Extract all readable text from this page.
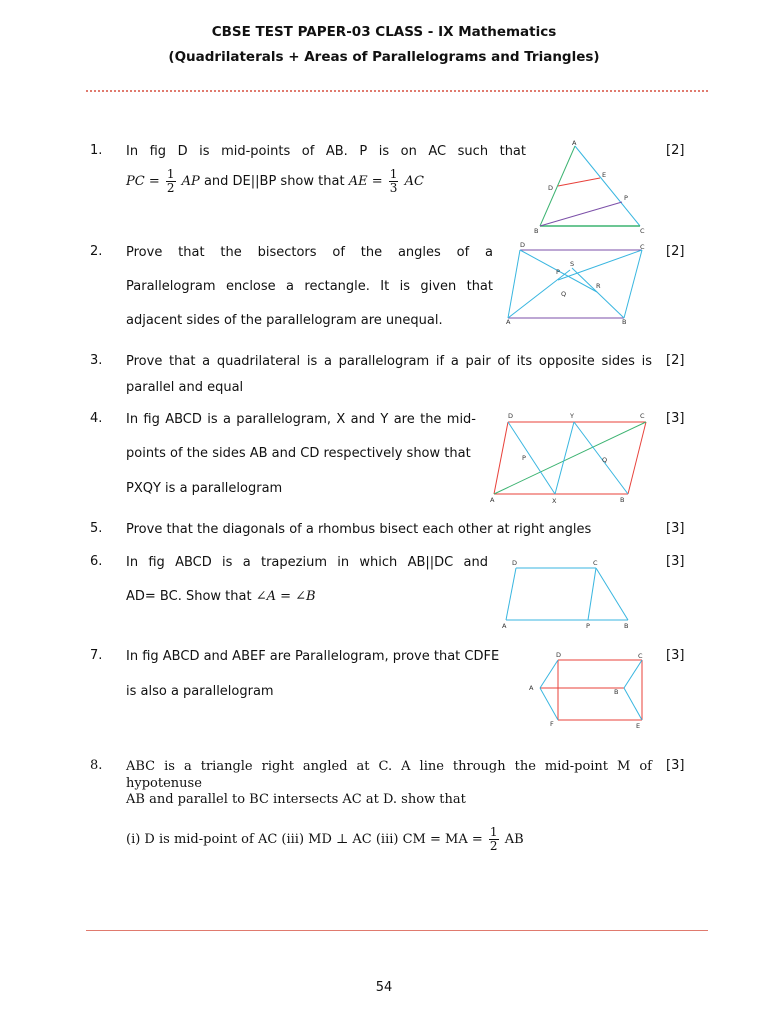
CBSE TEST PAPER-03 CLASS - IX Mathematics
(Quadrilaterals + Areas of Parallelograms and Triangles)
1. In fig D is mid-points of AB. P is on AC such that
PC = $\frac{1}{2}$ AP and DE||BP show that AE = $\frac{1}{3}$ AC
[2]
A
B	C
D
E
P
2. Prove that the bisectors of the angles of a
Parallelogram enclose a rectangle. It is given that
adjacent sides of the parallelogram are unequal.
[2]
D	C
A	B
P
S
R
Q
3. Prove that a quadrilateral is a parallelogram if a pair of its opposite sides is
parallel and equal
[2]
4. In fig ABCD is a parallelogram, X and Y are the mid-
points of the sides AB and CD respectively show that
PXQY is a parallelogram
[3]
D	Y	C
A	X	B
P	Q
5. Prove that the diagonals of a rhombus bisect each other at right angles	[3]
6. In fig ABCD is a trapezium in which AB||DC and
AD= BC. Show that ∠A = ∠B
[3]
D	C
A	P	B
7. In fig ABCD and ABEF are Parallelogram, prove that CDFE
is also a parallelogram
[3]
D	C
A	B
F	E
8. ABC is a triangle right angled at C. A line through the mid-point M of hypotenuse
AB and parallel to BC intersects AC at D. show that
(i) D is mid-point of AC (iii) MD ⊥ AC (iii) CM = MA = $\frac{1}{2}$ AB
[3]
54
